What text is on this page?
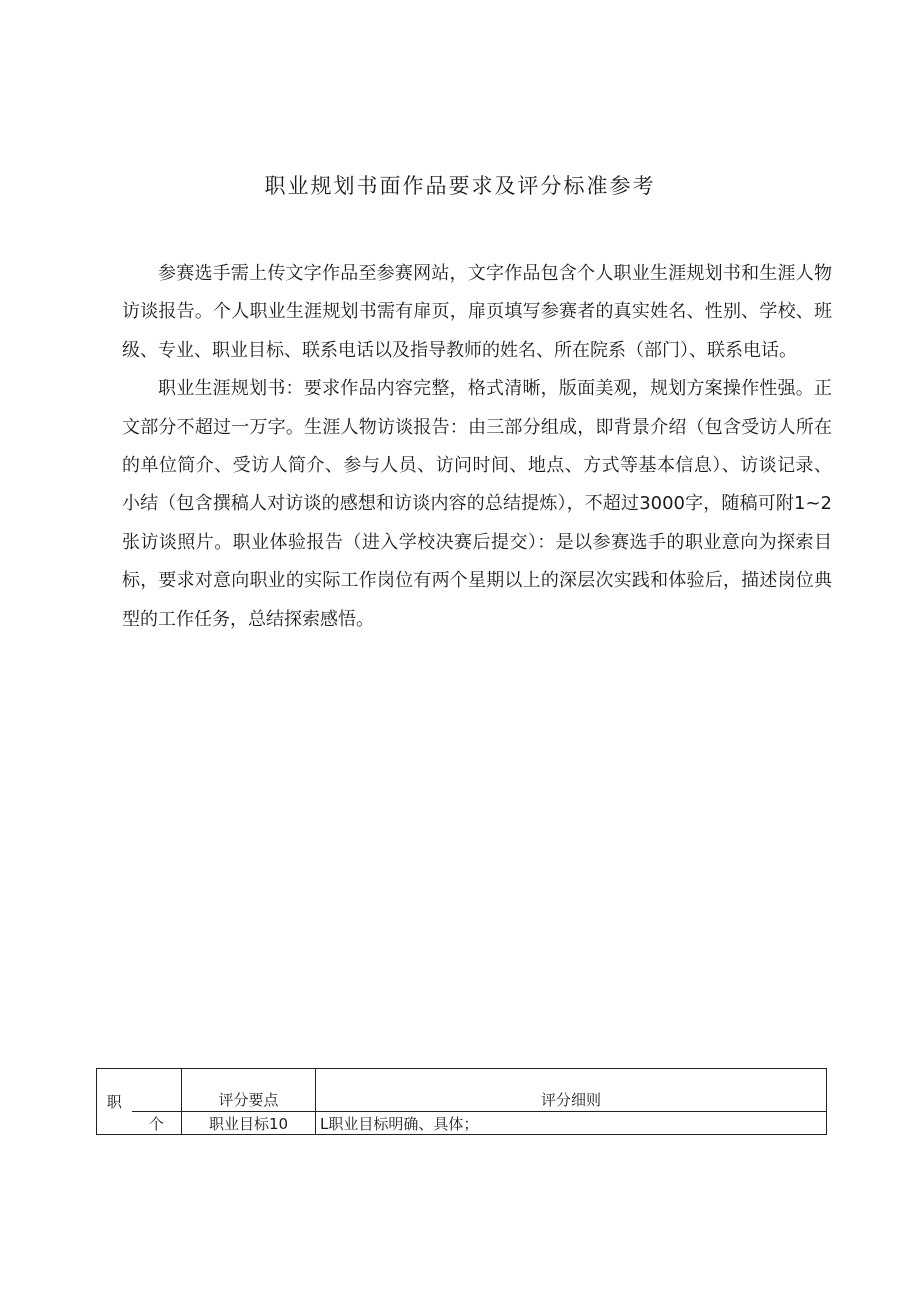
职业规划书面作品要求及评分标准参考

参赛选手需上传文字作品至参赛网站，文字作品包含个人职业生涯规划书和生涯人物访谈报告。个人职业生涯规划书需有扉页，扉页填写参赛者的真实姓名、性别、学校、班级、专业、职业目标、联系电话以及指导教师的姓名、所在院系（部门）、联系电话。

职业生涯规划书：要求作品内容完整，格式清晰，版面美观，规划方案操作性强。正文部分不超过一万字。生涯人物访谈报告：由三部分组成，即背景介绍（包含受访人所在的单位简介、受访人简介、参与人员、访问时间、地点、方式等基本信息）、访谈记录、小结（包含撰稿人对访谈的感想和访谈内容的总结提炼），不超过3000字，随稿可附1~2张访谈照片。职业体验报告（进入学校决赛后提交）：是以参赛选手的职业意向为探索目标，要求对意向职业的实际工作岗位有两个星期以上的深层次实践和体验后，描述岗位典型的工作任务，总结探索感悟。

职		评分要点	评分细则
	个	职业目标10	L职业目标明确、具体；
